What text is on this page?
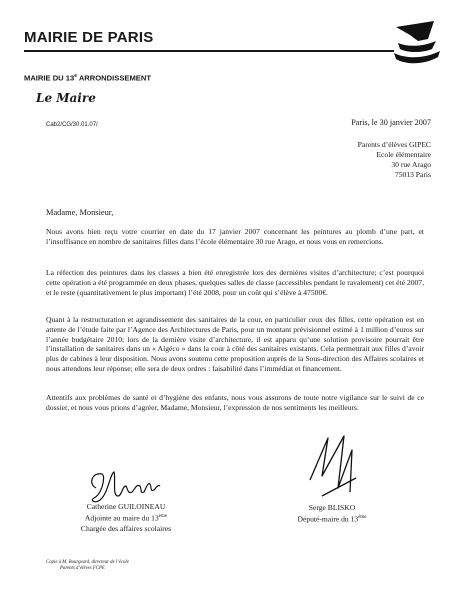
MAIRIE DE PARIS
MAIRIE DU 13e ARRONDISSEMENT
Le Maire
Cab2/CG/30.01.07/	Paris, le 30 janvier 2007
Parents d’élèves GIPEC
Ecole élémentaire
30 rue Arago
75013 Paris
Madame, Monsieur,
Nous avons bien reçu votre courrier en date du 17 janvier 2007 concernant les peintures au plomb d’une part, et l’insuffisance en nombre de sanitaires filles dans l’école élémentaire 30 rue Arago, et nous vous en remercions.
La réfection des peintures dans les classes a bien été enregistrée lors des dernières visites d’architecture; c’est pourquoi cette opération a été programmée en deux phases, quelques salles de classe (accessibles pendant le ravalement) cet été 2007, et le reste (quantitativement le plus important) l’été 2008, pour un coût qui s’élève à 47500€.
Quant à la restructuration et agrandissement des sanitaires de la cour, en particulier ceux des filles, cette opération est en attente de l’étude faite par l’Agence des Architectures de Paris, pour un montant prévisionnel estimé à 1 million d’euros sur l’année budgétaire 2010; lors de la dernière visite d’architecture, il est apparu qu’une solution provisoire pourrait être l’installation de sanitaires dans un « Algéco » dans la cour à côté des sanitaires existants. Cela permettrait aux filles d’avoir plus de cabines à leur disposition. Nous avons soutenu cette proposition auprès de la Sous-direction des Affaires scolaires et nous attendons leur réponse; elle sera de deux ordres : faisabilité dans l’immédiat et financement.
Attentifs aux problèmes de santé et d’hygiène des enfants, nous vous assurons de toute notre vigilance sur le suivi de ce dossier, et nous vous prions d’agréer, Madame, Monsieur, l’expression de nos sentiments les meilleurs.
Catherine GUILOINEAU
Adjointe au maire du 13ème
Chargée des affaires scolaires
Serge BLISKO
Député-maire du 13ème
Copie à M. Bourgeard, directeur de l’école
Parents d’élèves FCPE
